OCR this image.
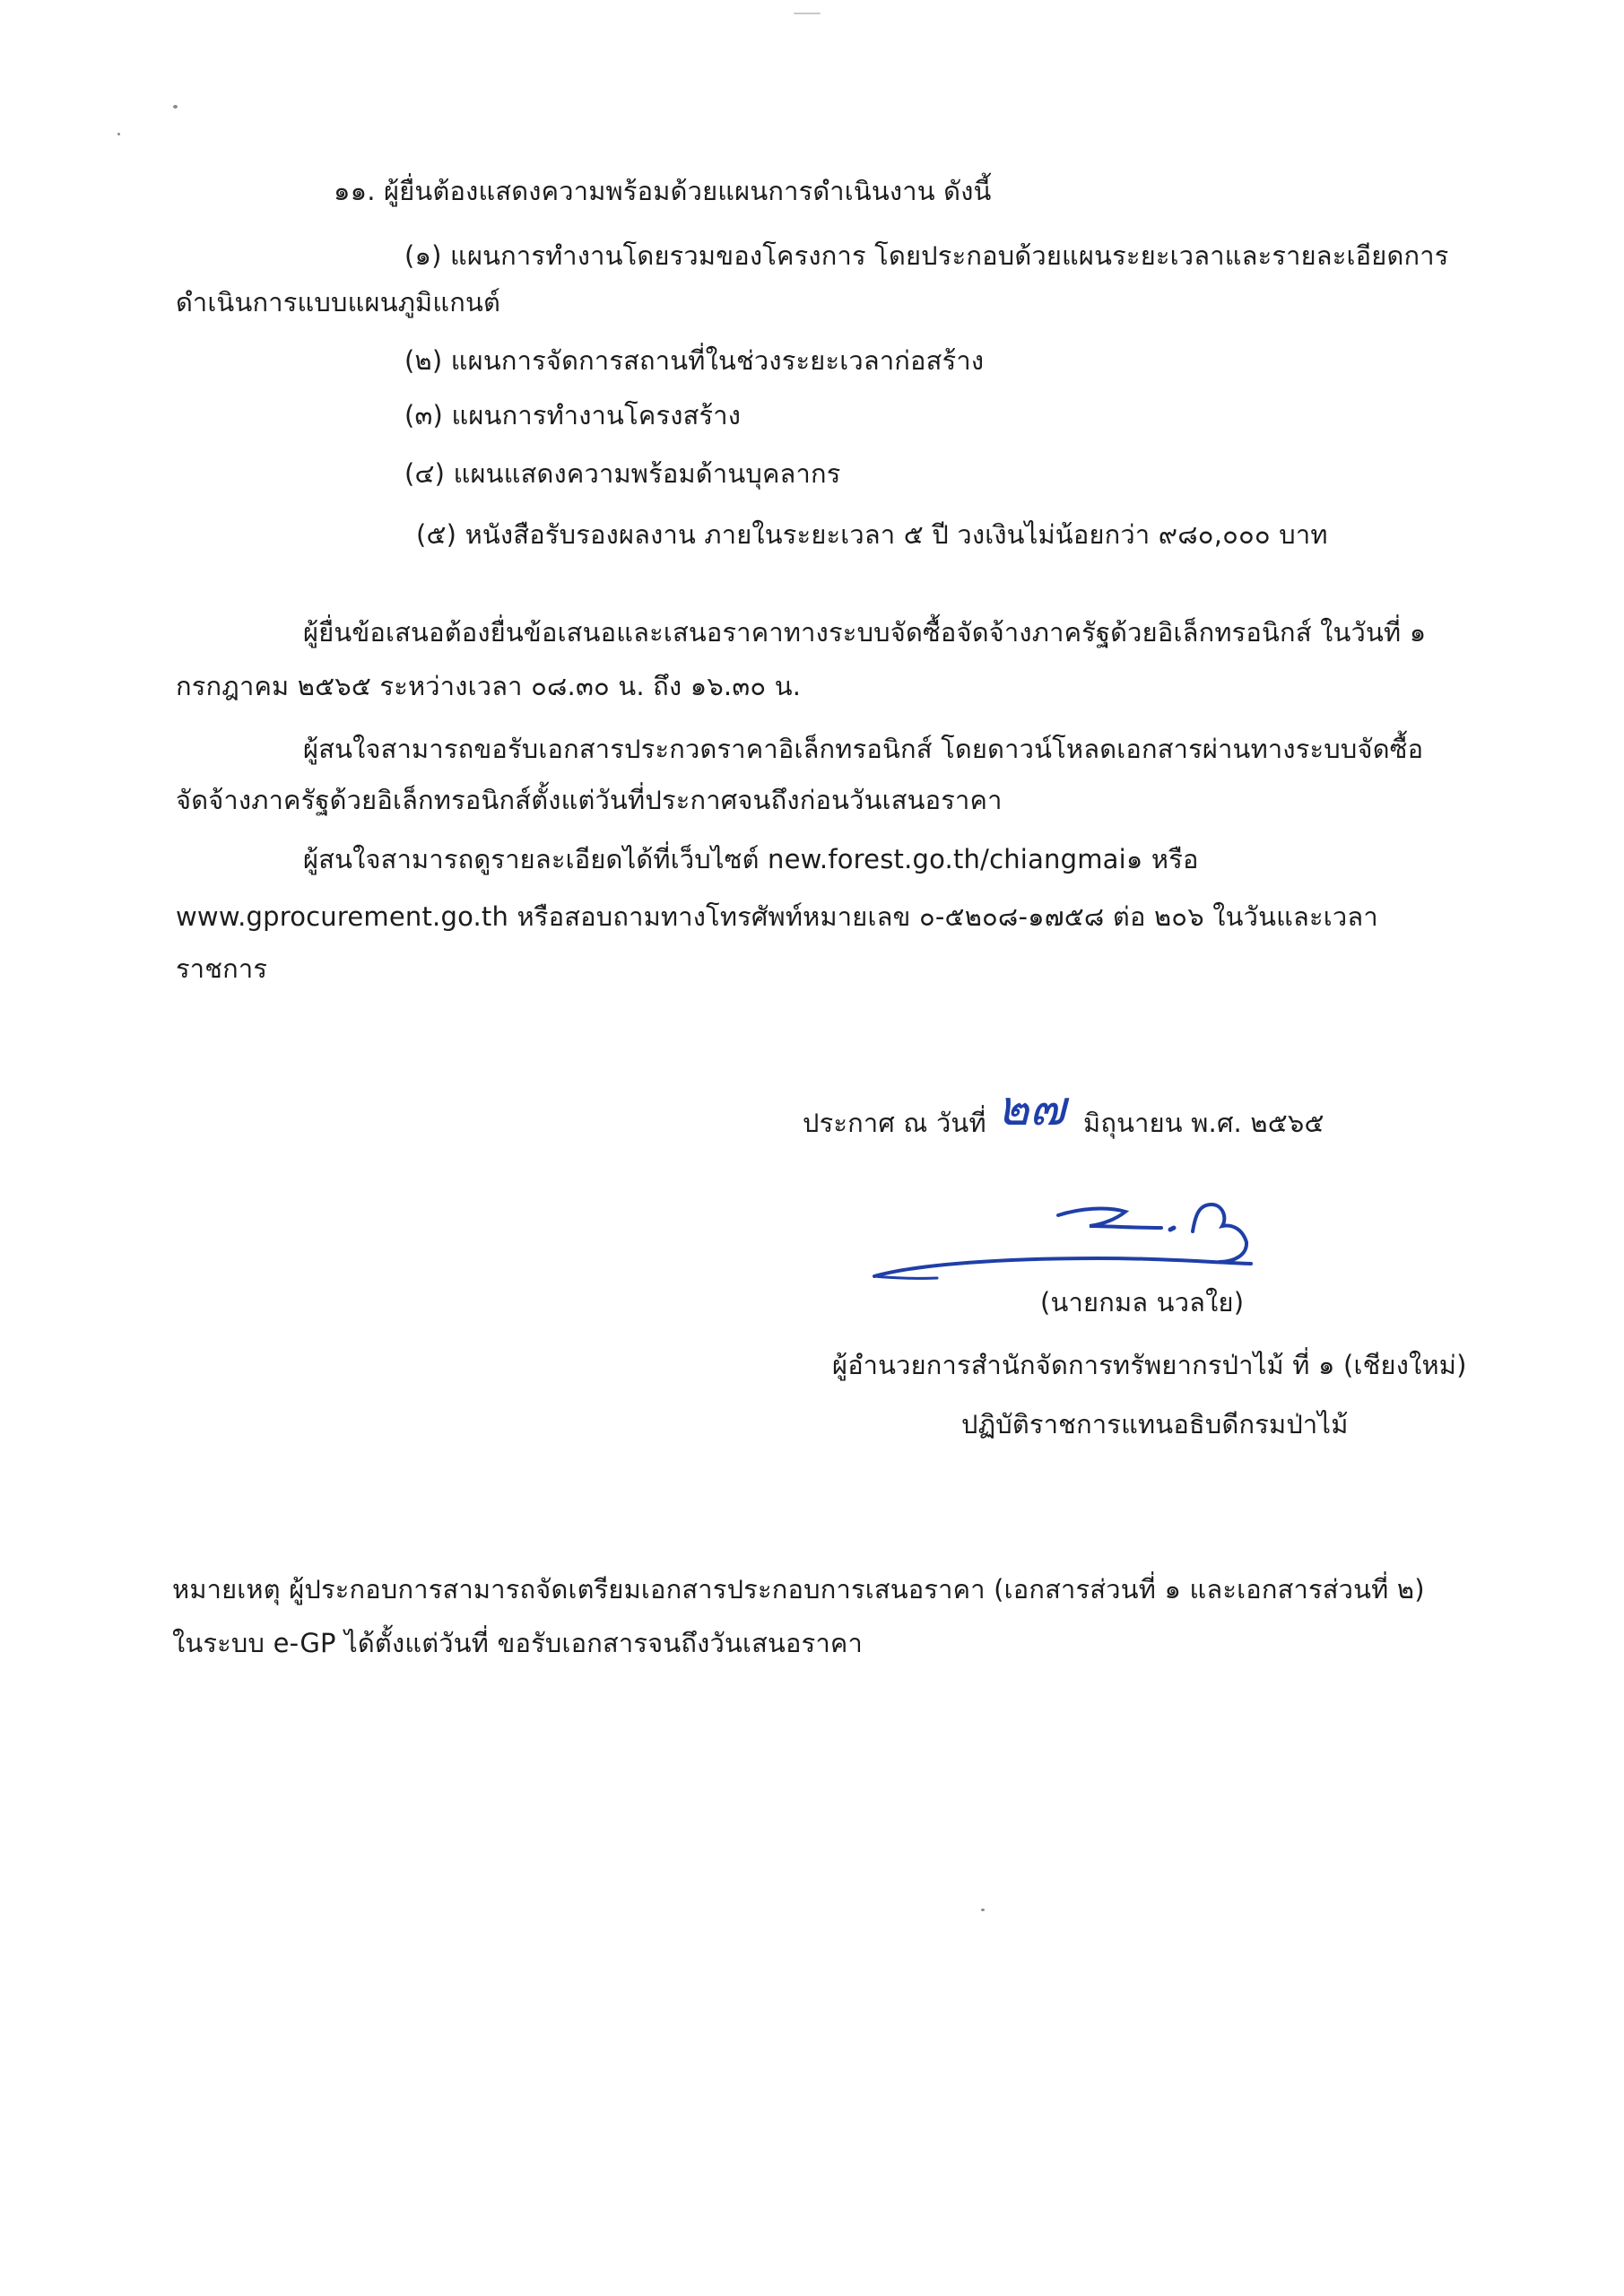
๑๑. ผู้ยื่นต้องแสดงความพร้อมด้วยแผนการดำเนินงาน ดังนี้
(๑) แผนการทำงานโดยรวมของโครงการ โดยประกอบด้วยแผนระยะเวลาและรายละเอียดการ
ดำเนินการแบบแผนภูมิแกนต์
(๒) แผนการจัดการสถานที่ในช่วงระยะเวลาก่อสร้าง
(๓) แผนการทำงานโครงสร้าง
(๔) แผนแสดงความพร้อมด้านบุคลากร
(๕) หนังสือรับรองผลงาน ภายในระยะเวลา ๕ ปี วงเงินไม่น้อยกว่า ๙๘๐,๐๐๐ บาท
ผู้ยื่นข้อเสนอต้องยื่นข้อเสนอและเสนอราคาทางระบบจัดซื้อจัดจ้างภาครัฐด้วยอิเล็กทรอนิกส์ ในวันที่ ๑
กรกฎาคม ๒๕๖๕ ระหว่างเวลา ๐๘.๓๐ น. ถึง ๑๖.๓๐ น.
ผู้สนใจสามารถขอรับเอกสารประกวดราคาอิเล็กทรอนิกส์ โดยดาวน์โหลดเอกสารผ่านทางระบบจัดซื้อ
จัดจ้างภาครัฐด้วยอิเล็กทรอนิกส์ตั้งแต่วันที่ประกาศจนถึงก่อนวันเสนอราคา
ผู้สนใจสามารถดูรายละเอียดได้ที่เว็บไซต์ new.forest.go.th/chiangmai๑ หรือ
www.gprocurement.go.th หรือสอบถามทางโทรศัพท์หมายเลข ๐-๕๒๐๘-๑๗๕๘ ต่อ ๒๐๖ ในวันและเวลา
ราชการ
ประกาศ ณ วันที่ ๒๗ มิถุนายน พ.ศ. ๒๕๖๕
(นายกมล นวลใย)
ผู้อำนวยการสำนักจัดการทรัพยากรป่าไม้ ที่ ๑ (เชียงใหม่)
ปฏิบัติราชการแทนอธิบดีกรมป่าไม้
หมายเหตุ ผู้ประกอบการสามารถจัดเตรียมเอกสารประกอบการเสนอราคา (เอกสารส่วนที่ ๑ และเอกสารส่วนที่ ๒)
ในระบบ e-GP ได้ตั้งแต่วันที่ ขอรับเอกสารจนถึงวันเสนอราคา
